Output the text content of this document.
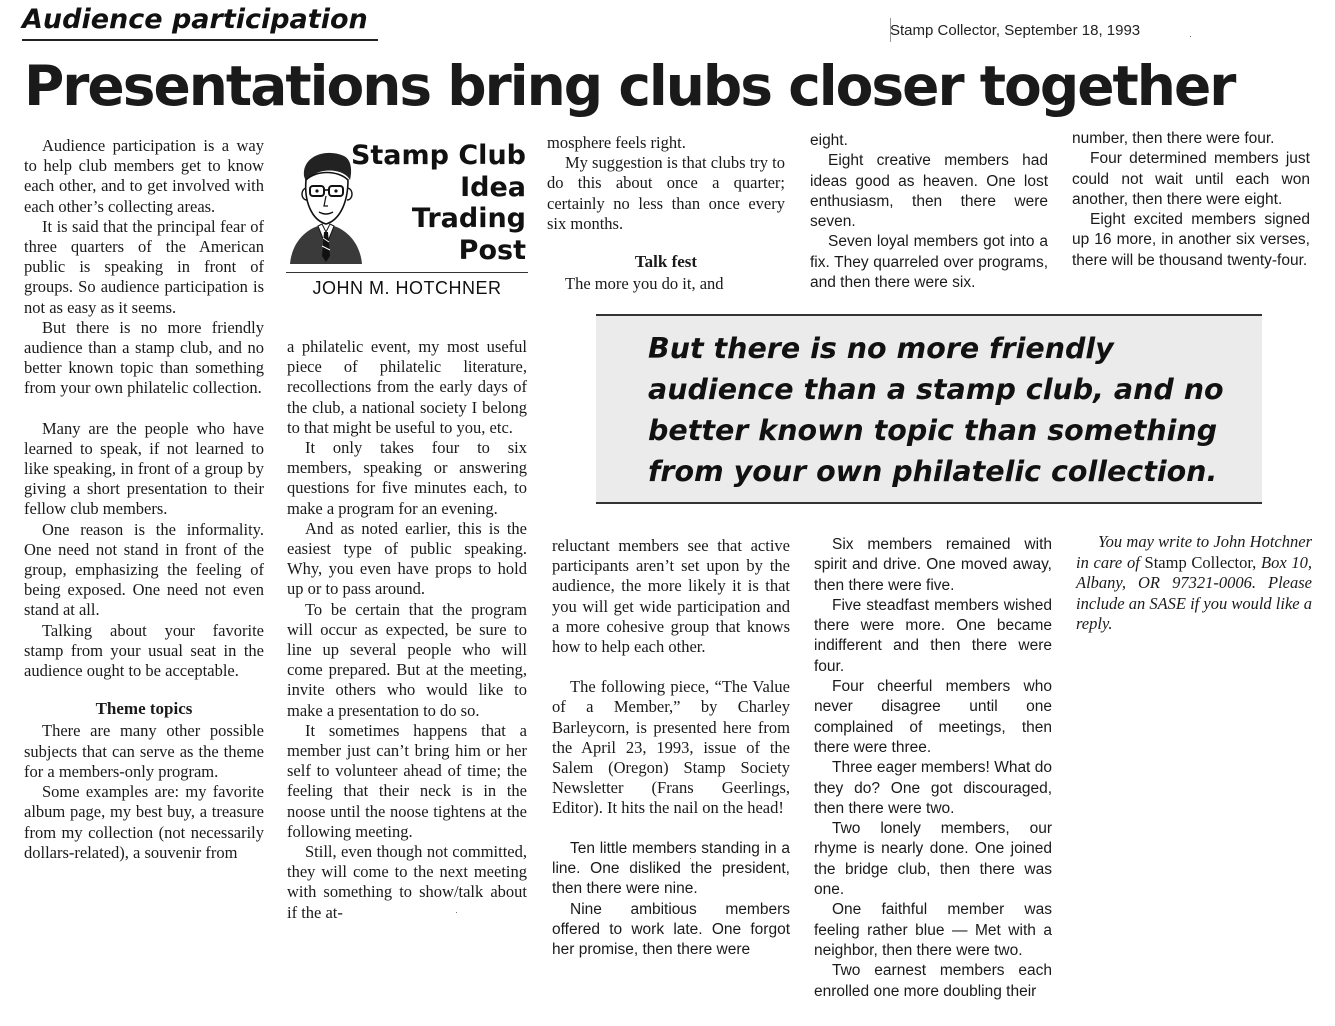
Audience participation	Stamp Collector, September 18, 1993
Presentations bring clubs closer together

Audience participation is a way to help club members get to know each other, and to get involved with each other’s collecting areas.

It is said that the principal fear of three quarters of the American public is speaking in front of groups. So audience participation is not as easy as it seems.

But there is no more friendly audience than a stamp club, and no better known topic than something from your own philatelic collection.

Many are the people who have learned to speak, if not learned to like speaking, in front of a group by giving a short presentation to their fellow club members.

One reason is the informality. One need not stand in front of the group, emphasizing the feeling of being exposed. One need not even stand at all.

Talking about your favorite stamp from your usual seat in the audience ought to be acceptable.

Theme topics

There are many other possible subjects that can serve as the theme for a members-only program.

Some examples are: my favorite album page, my best buy, a treasure from my collection (not necessarily dollars-related), a souvenir from

Stamp Club
Idea
Trading
Post
JOHN M. HOTCHNER

a philatelic event, my most useful piece of philatelic literature, recollections from the early days of the club, a national society I belong to that might be useful to you, etc.

It only takes four to six members, speaking or answering questions for five minutes each, to make a program for an evening.

And as noted earlier, this is the easiest type of public speaking. Why, you even have props to hold up or to pass around.

To be certain that the program will occur as expected, be sure to line up several people who will come prepared. But at the meeting, invite others who would like to make a presentation to do so.

It sometimes happens that a member just can’t bring him or her self to volunteer ahead of time; the feeling that their neck is in the noose until the noose tightens at the following meeting.

Still, even though not committed, they will come to the next meeting with something to show/talk about if the at-

mosphere feels right.

My suggestion is that clubs try to do this about once a quarter; certainly no less than once every six months.

Talk fest

The more you do it, and

eight.

Eight creative members had ideas good as heaven. One lost enthusiasm, then there were seven.

Seven loyal members got into a fix. They quarreled over programs, and then there were six.

number, then there were four.

Four determined members just could not wait until each won another, then there were eight.

Eight excited members signed up 16 more, in another six verses, there will be thousand twenty-four.

But there is no more friendly audience than a stamp club, and no better known topic than something from your own philatelic collection.

reluctant members see that active participants aren’t set upon by the audience, the more likely it is that you will get wide participation and a more cohesive group that knows how to help each other.

The following piece, “The Value of a Member,” by Charley Barleycorn, is presented here from the April 23, 1993, issue of the Salem (Oregon) Stamp Society Newsletter (Frans Geerlings, Editor). It hits the nail on the head!

Ten little members standing in a line. One disliked the president, then there were nine.

Nine ambitious members offered to work late. One forgot her promise, then there were

Six members remained with spirit and drive. One moved away, then there were five.

Five steadfast members wished there were more. One became indifferent and then there were four.

Four cheerful members who never disagree until one complained of meetings, then there were three.

Three eager members! What do they do? One got discouraged, then there were two.

Two lonely members, our rhyme is nearly done. One joined the bridge club, then there was one.

One faithful member was feeling rather blue — Met with a neighbor, then there were two.

Two earnest members each enrolled one more doubling their

You may write to John Hotchner in care of Stamp Collector, Box 10, Albany, OR 97321-0006. Please include an SASE if you would like a reply.
